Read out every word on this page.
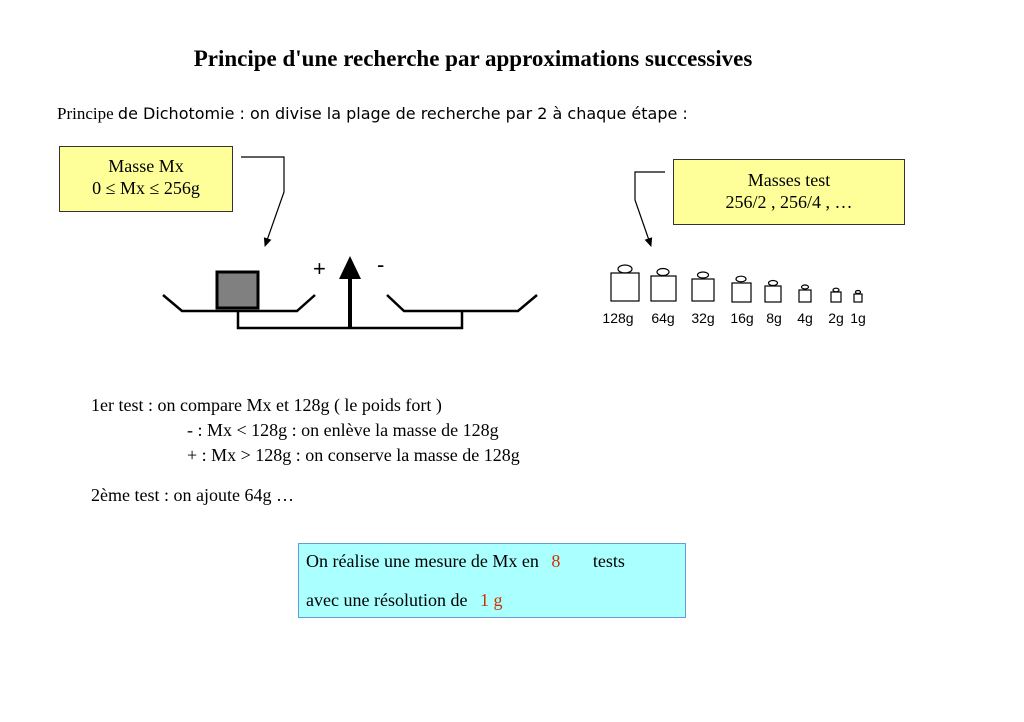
Principe d'une recherche par approximations successives
Principe de Dichotomie : on divise la plage de recherche par 2 à chaque étape :
Masse Mx
0 ≤ Mx ≤ 256g	Masses test
256/2 , 256/4 , …
+ -
128g 64g 32g 16g 8g 4g 2g 1g
1er test : on compare Mx et 128g ( le poids fort )
- : Mx < 128g : on enlève la masse de 128g
+ : Mx > 128g : on conserve la masse de 128g
2ème test : on ajoute 64g …
On réalise une mesure de Mx en 8 tests
avec une résolution de 1 g
